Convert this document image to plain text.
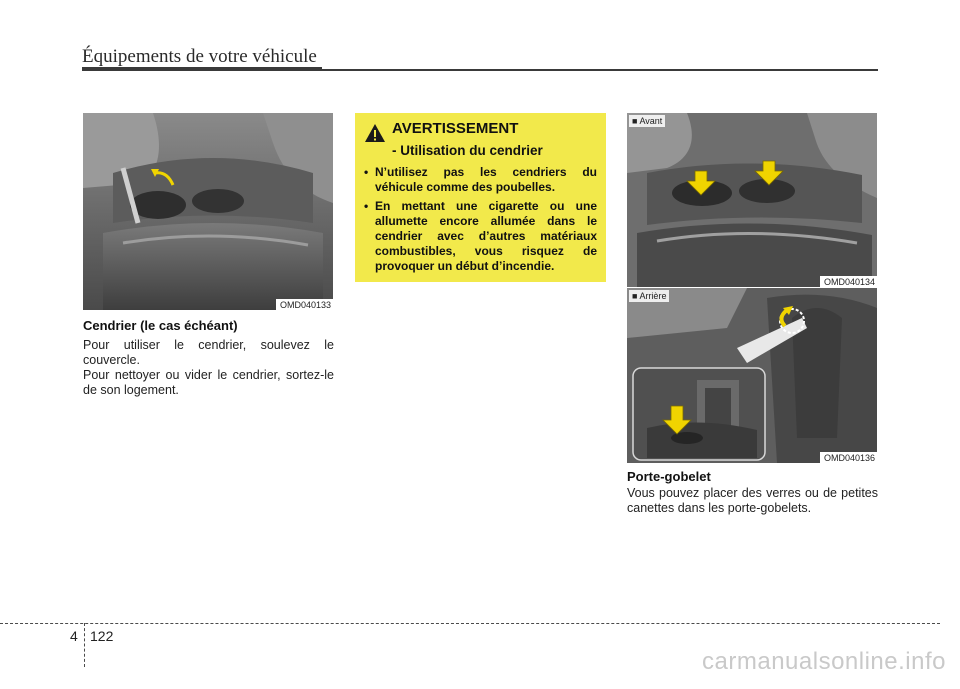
Équipements de votre véhicule
OMD040133
Cendrier (le cas échéant)
Pour utiliser le cendrier, soulevez le couvercle.
Pour nettoyer ou vider le cendrier, sortez-le de son logement.
AVERTISSEMENT
- Utilisation du cendrier
• N’utilisez pas les cendriers du véhicule comme des poubelles.
• En mettant une cigarette ou une allumette encore allumée dans le cendrier avec d’autres matériaux combustibles, vous risquez de provoquer un début d’incendie.
■ Avant
OMD040134
■ Arrière
OMD040136
Porte-gobelet
Vous pouvez placer des verres ou de petites canettes dans les porte-gobelets.
4 122
carmanualsonline.info
